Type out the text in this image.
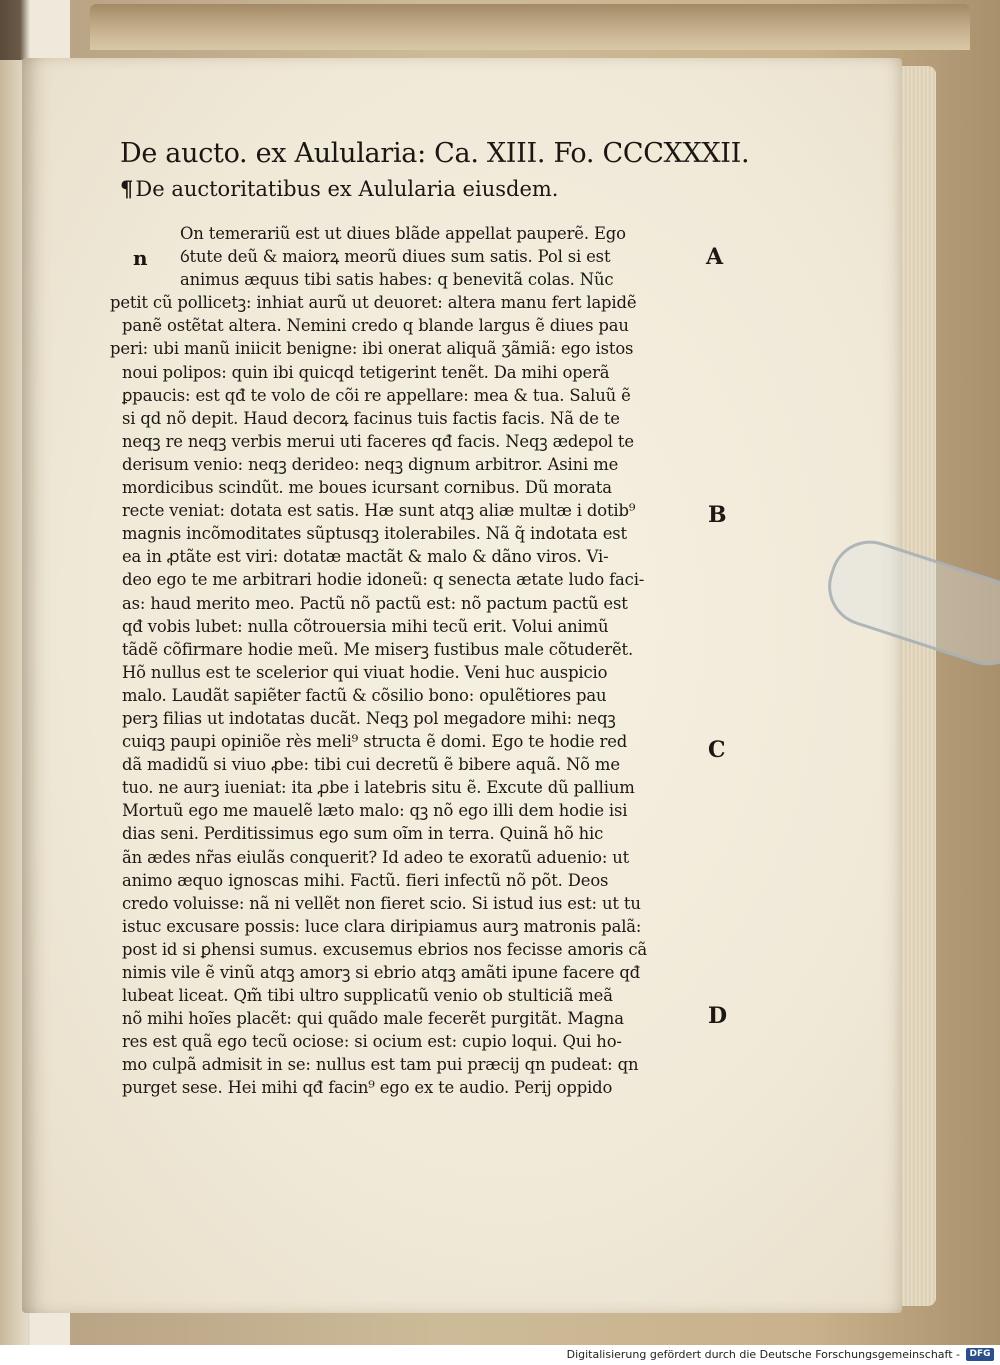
De aucto. ex Aulularia: Ca. XIII. Fo. CCCXXXII.
¶De auctoritatibus ex Aulularia eiusdem.
n
On temerariũ est ut diues blãde appellat pauperẽ. Ego
ỽtute deũ & maiorꝝ meorũ diues sum satis. Pol si est
animus æquus tibi satis habes: q benevitã colas. Nũc
petit cũ pollicetꝫ: inhiat aurũ ut deuoret: altera manu fert lapidẽ
panẽ ostẽtat altera. Nemini credo q blande largus ẽ diues pau
peri: ubi manũ iniicit benigne: ibi onerat aliquã ʒãmiã: ego istos
noui polipos: quin ibi quicqd tetigerint tenẽt. Da mihi operã
ꝑpaucis: est qđ te volo de cõi re appellare: mea & tua. Saluũ ẽ
si qd nõ depit. Haud decorꝝ facinus tuis factis facis. Nã de te
neqꝫ re neqꝫ verbis merui uti faceres qđ facis. Neqꝫ ædepol te
derisum venio: neqꝫ derideo: neqꝫ dignum arbitror. Asini me
mordicibus scindũt. me boues icursant cornibus. Dũ morata
recte veniat: dotata est satis. Hæ sunt atqꝫ aliæ multæ i dotib⁹
magnis incõmoditates sũptusqꝫ itolerabiles. Nã q̃ indotata est
ea in ꝓtãte est viri: dotatæ mactãt & malo & dãno viros. Vi-
deo ego te me arbitrari hodie idoneũ: q senecta ætate ludo faci-
as: haud merito meo. Pactũ nõ pactũ est: nõ pactum pactũ est
qđ vobis lubet: nulla cõtrouersia mihi tecũ erit. Volui animũ
tãdẽ cõfirmare hodie meũ. Me miserꝫ fustibus male cõtuderẽt.
Hõ nullus est te scelerior qui viuat hodie. Veni huc auspicio
malo. Laudãt sapiẽter factũ & cõsilio bono: opulẽtiores pau
perꝫ filias ut indotatas ducãt. Neqꝫ pol megadore mihi: neqꝫ
cuiqꝫ paupi opiniõe rès meli⁹ structa ẽ domi. Ego te hodie red
dã madidũ si viuo ꝓbe: tibi cui decretũ ẽ bibere aquã. Nõ me
tuo. ne aurꝫ iueniat: ita ꝓbe i latebris situ ẽ. Excute dũ pallium
Mortuũ ego me mauelẽ læto malo: qꝫ nõ ego illi dem hodie isi
dias seni. Perditissimus ego sum oĩm in terra. Quinã hõ hic
ãn ædes nr̃as eiulãs conquerit? Id adeo te exoratũ aduenio: ut
animo æquo ignoscas mihi. Factũ. fieri infectũ nõ põt. Deos
credo voluisse: nã ni vellẽt non fieret scio. Si istud ius est: ut tu
istuc excusare possis: luce clara diripiamus aurꝫ matronis palã:
post id si ꝑhensi sumus. excusemus ebrios nos fecisse amoris cã
nimis vile ẽ vinũ atqꝫ amorꝫ si ebrio atqꝫ amãti ipune facere qđ
lubeat liceat. Qm̃ tibi ultro supplicatũ venio ob stulticiã meã
nõ mihi hoĩes placẽt: qui quãdo male fecerẽt purgitãt. Magna
res est quã ego tecũ ociose: si ocium est: cupio loqui. Qui ho-
mo culpã admisit in se: nullus est tam pui præcij qn pudeat: qn
purget sese. Hei mihi qđ facin⁹ ego ex te audio. Perij oppido
A
B
C
D
Digitalisierung gefördert durch die Deutsche Forschungsgemeinschaft -	DFG
